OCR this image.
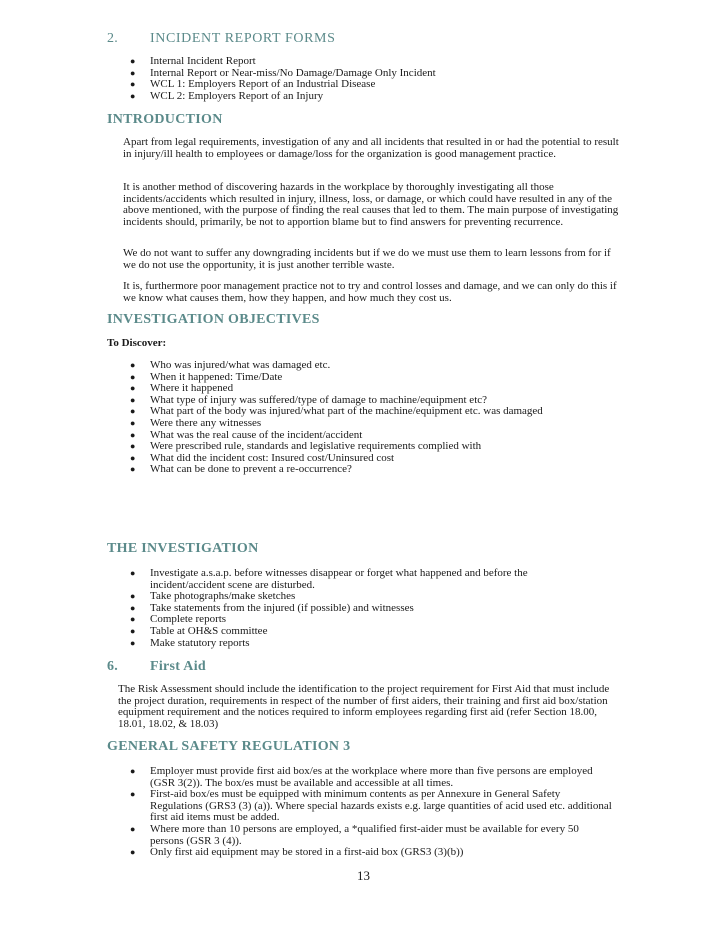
2. INCIDENT REPORT FORMS
● Internal Incident Report
● Internal Report or Near-miss/No Damage/Damage Only Incident
● WCL 1: Employers Report of an Industrial Disease
● WCL 2: Employers Report of an Injury
INTRODUCTION
Apart from legal requirements, investigation of any and all incidents that resulted in or had the potential to result in injury/ill health to employees or damage/loss for the organization is good management practice.
It is another method of discovering hazards in the workplace by thoroughly investigating all those incidents/accidents which resulted in injury, illness, loss, or damage, or which could have resulted in any of the above mentioned, with the purpose of finding the real causes that led to them. The main purpose of investigating incidents should, primarily, be not to apportion blame but to find answers for preventing recurrence.
We do not want to suffer any downgrading incidents but if we do we must use them to learn lessons from for if we do not use the opportunity, it is just another terrible waste.
It is, furthermore poor management practice not to try and control losses and damage, and we can only do this if we know what causes them, how they happen, and how much they cost us.
INVESTIGATION OBJECTIVES
To Discover:
● Who was injured/what was damaged etc.
● When it happened: Time/Date
● Where it happened
● What type of injury was suffered/type of damage to machine/equipment etc?
● What part of the body was injured/what part of the machine/equipment etc. was damaged
● Were there any witnesses
● What was the real cause of the incident/accident
● Were prescribed rule, standards and legislative requirements complied with
● What did the incident cost: Insured cost/Uninsured cost
● What can be done to prevent a re-occurrence?
THE INVESTIGATION
● Investigate a.s.a.p. before witnesses disappear or forget what happened and before the incident/accident scene are disturbed.
● Take photographs/make sketches
● Take statements from the injured (if possible) and witnesses
● Complete reports
● Table at OH&S committee
● Make statutory reports
6. First Aid
The Risk Assessment should include the identification to the project requirement for First Aid that must include the project duration, requirements in respect of the number of first aiders, their training and first aid box/station equipment requirement and the notices required to inform employees regarding first aid (refer Section 18.00, 18.01, 18.02, & 18.03)
GENERAL SAFETY REGULATION 3
● Employer must provide first aid box/es at the workplace where more than five persons are employed (GSR 3(2)). The box/es must be available and accessible at all times.
● First-aid box/es must be equipped with minimum contents as per Annexure in General Safety Regulations (GRS3 (3) (a)). Where special hazards exists e.g. large quantities of acid used etc. additional first aid items must be added.
● Where more than 10 persons are employed, a *qualified first-aider must be available for every 50 persons (GSR 3 (4)).
● Only first aid equipment may be stored in a first-aid box (GRS3 (3)(b))
13
